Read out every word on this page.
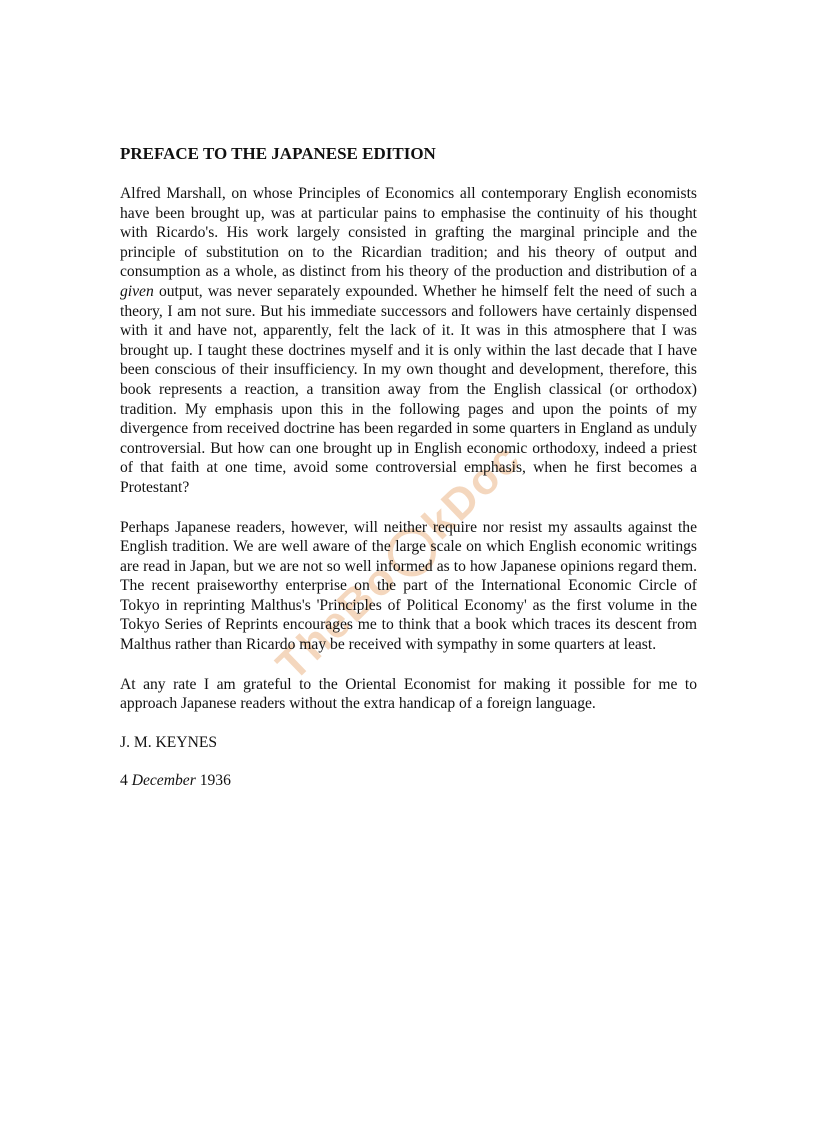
TheBokDoc
PREFACE TO THE JAPANESE EDITION

Alfred Marshall, on whose Principles of Economics all contemporary English economists have been brought up, was at particular pains to emphasise the continuity of his thought with Ricardo's. His work largely consisted in grafting the marginal principle and the principle of substitution on to the Ricardian tradition; and his theory of output and consumption as a whole, as distinct from his theory of the production and distribution of a given output, was never separately expounded. Whether he himself felt the need of such a theory, I am not sure. But his immediate successors and followers have certainly dispensed with it and have not, apparently, felt the lack of it. It was in this atmosphere that I was brought up. I taught these doctrines myself and it is only within the last decade that I have been conscious of their insufficiency. In my own thought and development, therefore, this book represents a reaction, a transition away from the English classical (or orthodox) tradition. My emphasis upon this in the following pages and upon the points of my divergence from received doctrine has been regarded in some quarters in England as unduly controversial. But how can one brought up in English economic orthodoxy, indeed a priest of that faith at one time, avoid some controversial emphasis, when he first becomes a Protestant?

Perhaps Japanese readers, however, will neither require nor resist my assaults against the English tradition. We are well aware of the large scale on which English economic writings are read in Japan, but we are not so well informed as to how Japanese opinions regard them. The recent praiseworthy enterprise on the part of the International Economic Circle of Tokyo in reprinting Malthus's 'Principles of Political Economy' as the first volume in the Tokyo Series of Reprints encourages me to think that a book which traces its descent from Malthus rather than Ricardo may be received with sympathy in some quarters at least.

At any rate I am grateful to the Oriental Economist for making it possible for me to approach Japanese readers without the extra handicap of a foreign language.

J. M. KEYNES

4 December 1936
